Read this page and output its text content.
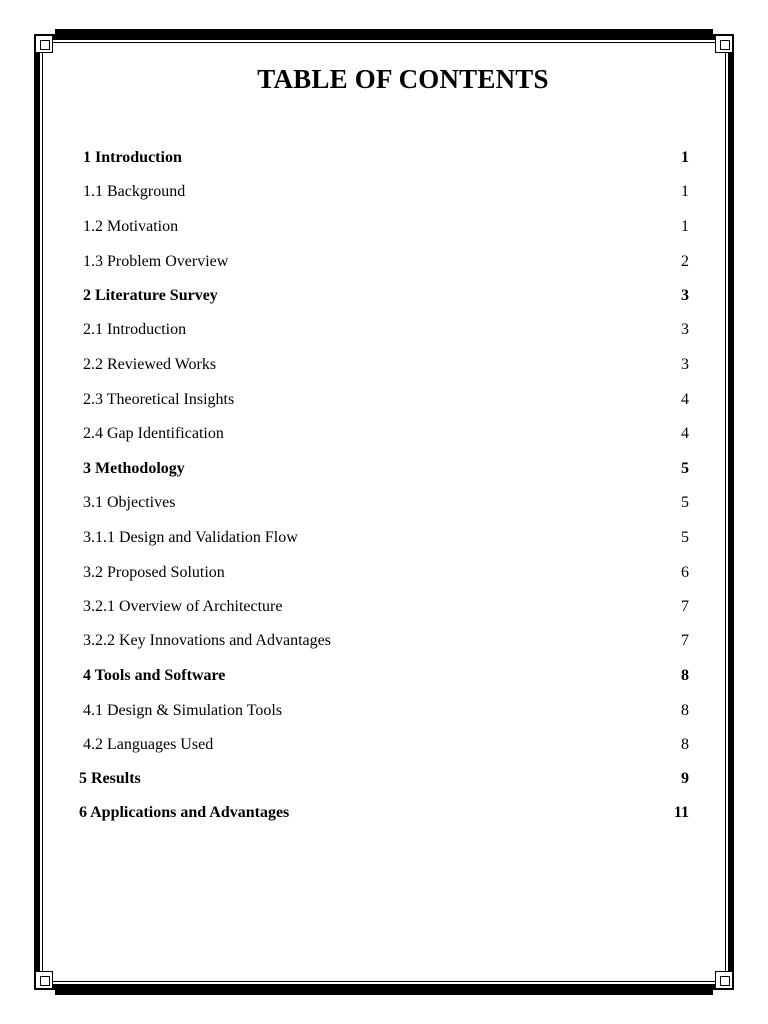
TABLE OF CONTENTS
1 Introduction	1
1.1 Background	1
1.2 Motivation	1
1.3 Problem Overview	2
2 Literature Survey	3
2.1 Introduction	3
2.2 Reviewed Works	3
2.3 Theoretical Insights	4
2.4 Gap Identification	4
3 Methodology	5
3.1 Objectives	5
3.1.1 Design and Validation Flow	5
3.2 Proposed Solution	6
3.2.1 Overview of Architecture	7
3.2.2 Key Innovations and Advantages	7
4 Tools and Software	8
4.1 Design & Simulation Tools	8
4.2 Languages Used	8
5 Results	9
6 Applications and Advantages	11
